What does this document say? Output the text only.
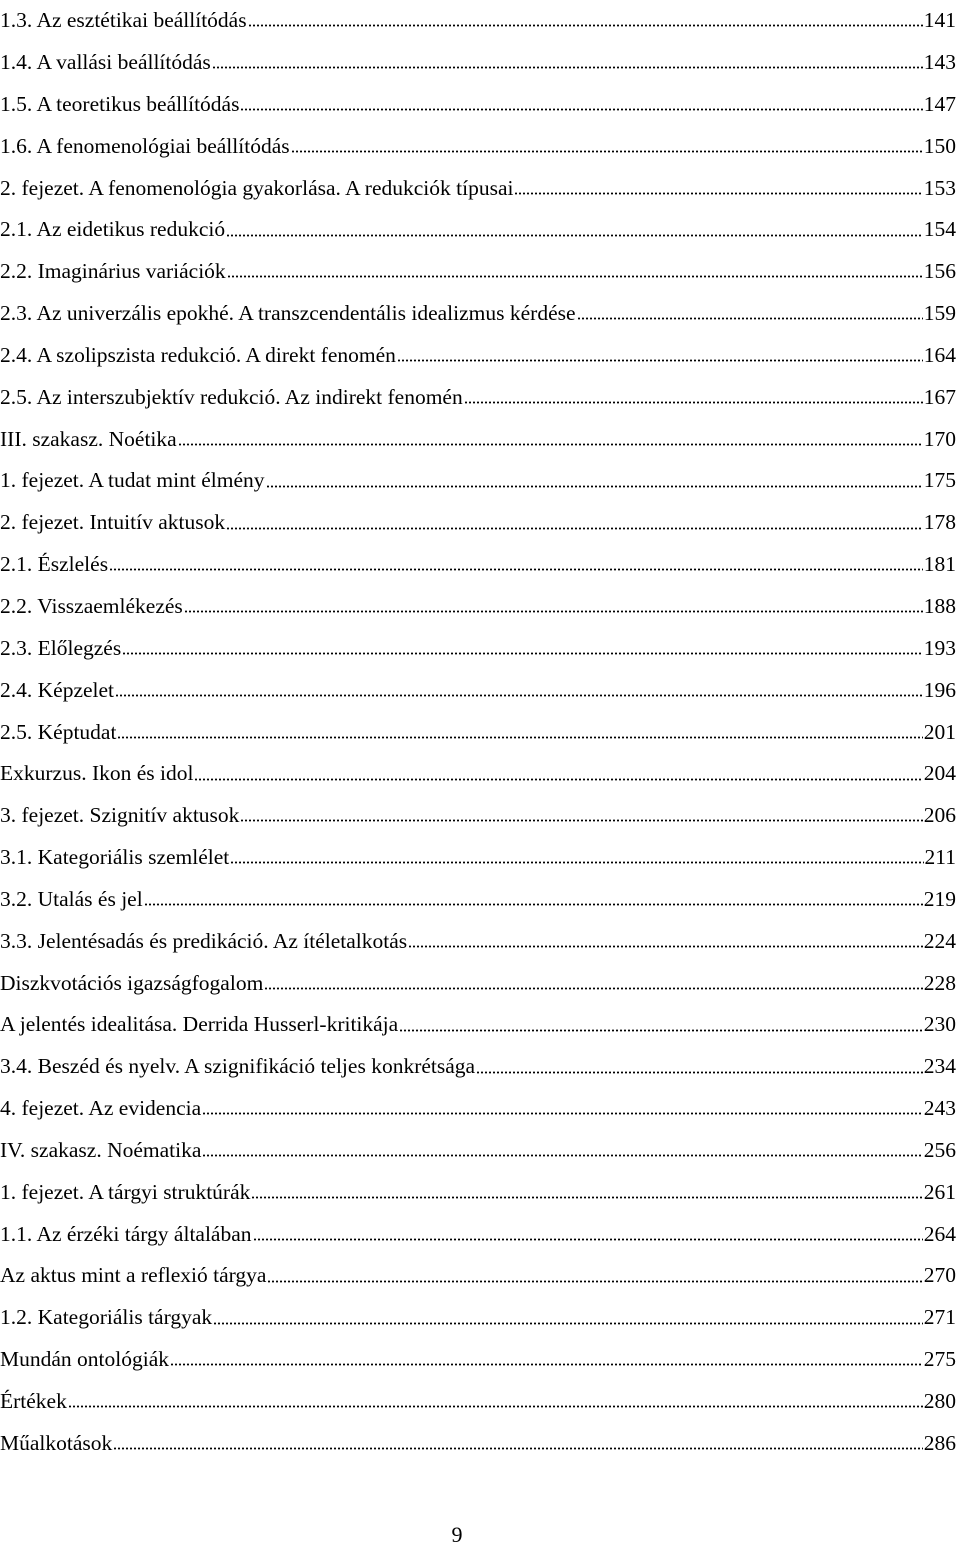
1.3. Az esztétikai beállítódás	141
1.4. A vallási beállítódás	143
1.5. A teoretikus beállítódás	147
1.6. A fenomenológiai beállítódás	150
2. fejezet. A fenomenológia gyakorlása. A redukciók típusai	153
2.1. Az eidetikus redukció	154
2.2. Imaginárius variációk	156
2.3. Az univerzális epokhé. A transzcendentális idealizmus kérdése	159
2.4. A szolipszista redukció. A direkt fenomén	164
2.5. Az interszubjektív redukció. Az indirekt fenomén	167
III. szakasz. Noétika	170
1. fejezet. A tudat mint élmény	175
2. fejezet. Intuitív aktusok	178
2.1. Észlelés	181
2.2. Visszaemlékezés	188
2.3. Előlegzés	193
2.4. Képzelet	196
2.5. Képtudat	201
Exkurzus. Ikon és idol	204
3. fejezet. Szignitív aktusok	206
3.1. Kategoriális szemlélet	211
3.2. Utalás és jel	219
3.3. Jelentésadás és predikáció. Az ítéletalkotás	224
Diszkvotációs igazságfogalom	228
A jelentés idealitása. Derrida Husserl-kritikája	230
3.4. Beszéd és nyelv. A szignifikáció teljes konkrétsága	234
4. fejezet. Az evidencia	243
IV. szakasz. Noématika	256
1. fejezet. A tárgyi struktúrák	261
1.1. Az érzéki tárgy általában	264
Az aktus mint a reflexió tárgya	270
1.2. Kategoriális tárgyak	271
Mundán ontológiák	275
Értékek	280
Műalkotások	286
9
